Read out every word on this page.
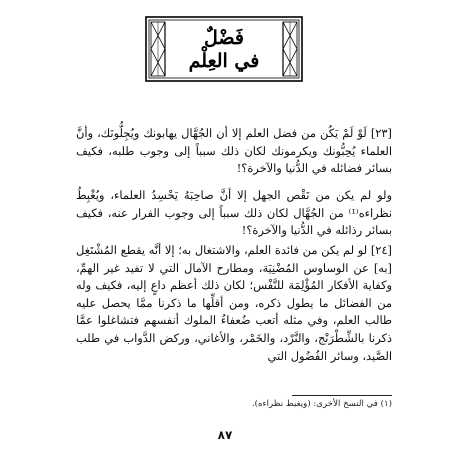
فَضْلٌ
في العِلْم

[٢٣] لَوْ لَمْ يَكُن من فضل العلم إلا أن الجُهَّال يهابونك ويُجِلُّونَك، وأنَّ العلماء يُحِبُّونك ويكرمونك لكان ذلك سبباً إلى وجوب طلبه، فكيف بسائر فضائله في الدُّنيا والآخرة؟!

ولو لم يكن من نَقْص الجهل إلا أنَّ صاحِبَهُ يَحْسِدُ العلماء، ويُغْبِطُ نظراءه⁽¹⁾ من الجُهَّال لكان ذلك سبباً إلى وجوب الفرار عنه، فكيف بسائر رذائله في الدُّنيا والآخرة؟!

[٢٤] لو لم يكن من فائدة العلم، والاشتغال به؛ إلا أنَّه يقطع المُشْتَغِل [به] عن الوساوس المُضْنِيَة، ومطارح الآمال التي لا تفيد غير الهمِّ، وكفاية الأفكار المُؤْلِمَة للنَّفْس؛ لكان ذلك أعظم داعٍ إليه، فكيف وله من الفضائل ما يطول ذكره، ومن أقلِّها ما ذكرنا ممَّا يحصل عليه طالب العلم، وفي مثله أتعب ضُعفاءُ الملوك أنفسهم فتشاغلوا عمَّا ذكرنا بالشِّطْرَنْج، والنَّرْد، والخَمْر، والأغاني، وركض الدَّواب في طلب الصَّيد، وسائر الفُضُول التي

(١) في النسخ الأخرى: (ويغبط نظراءه).
٨٧
